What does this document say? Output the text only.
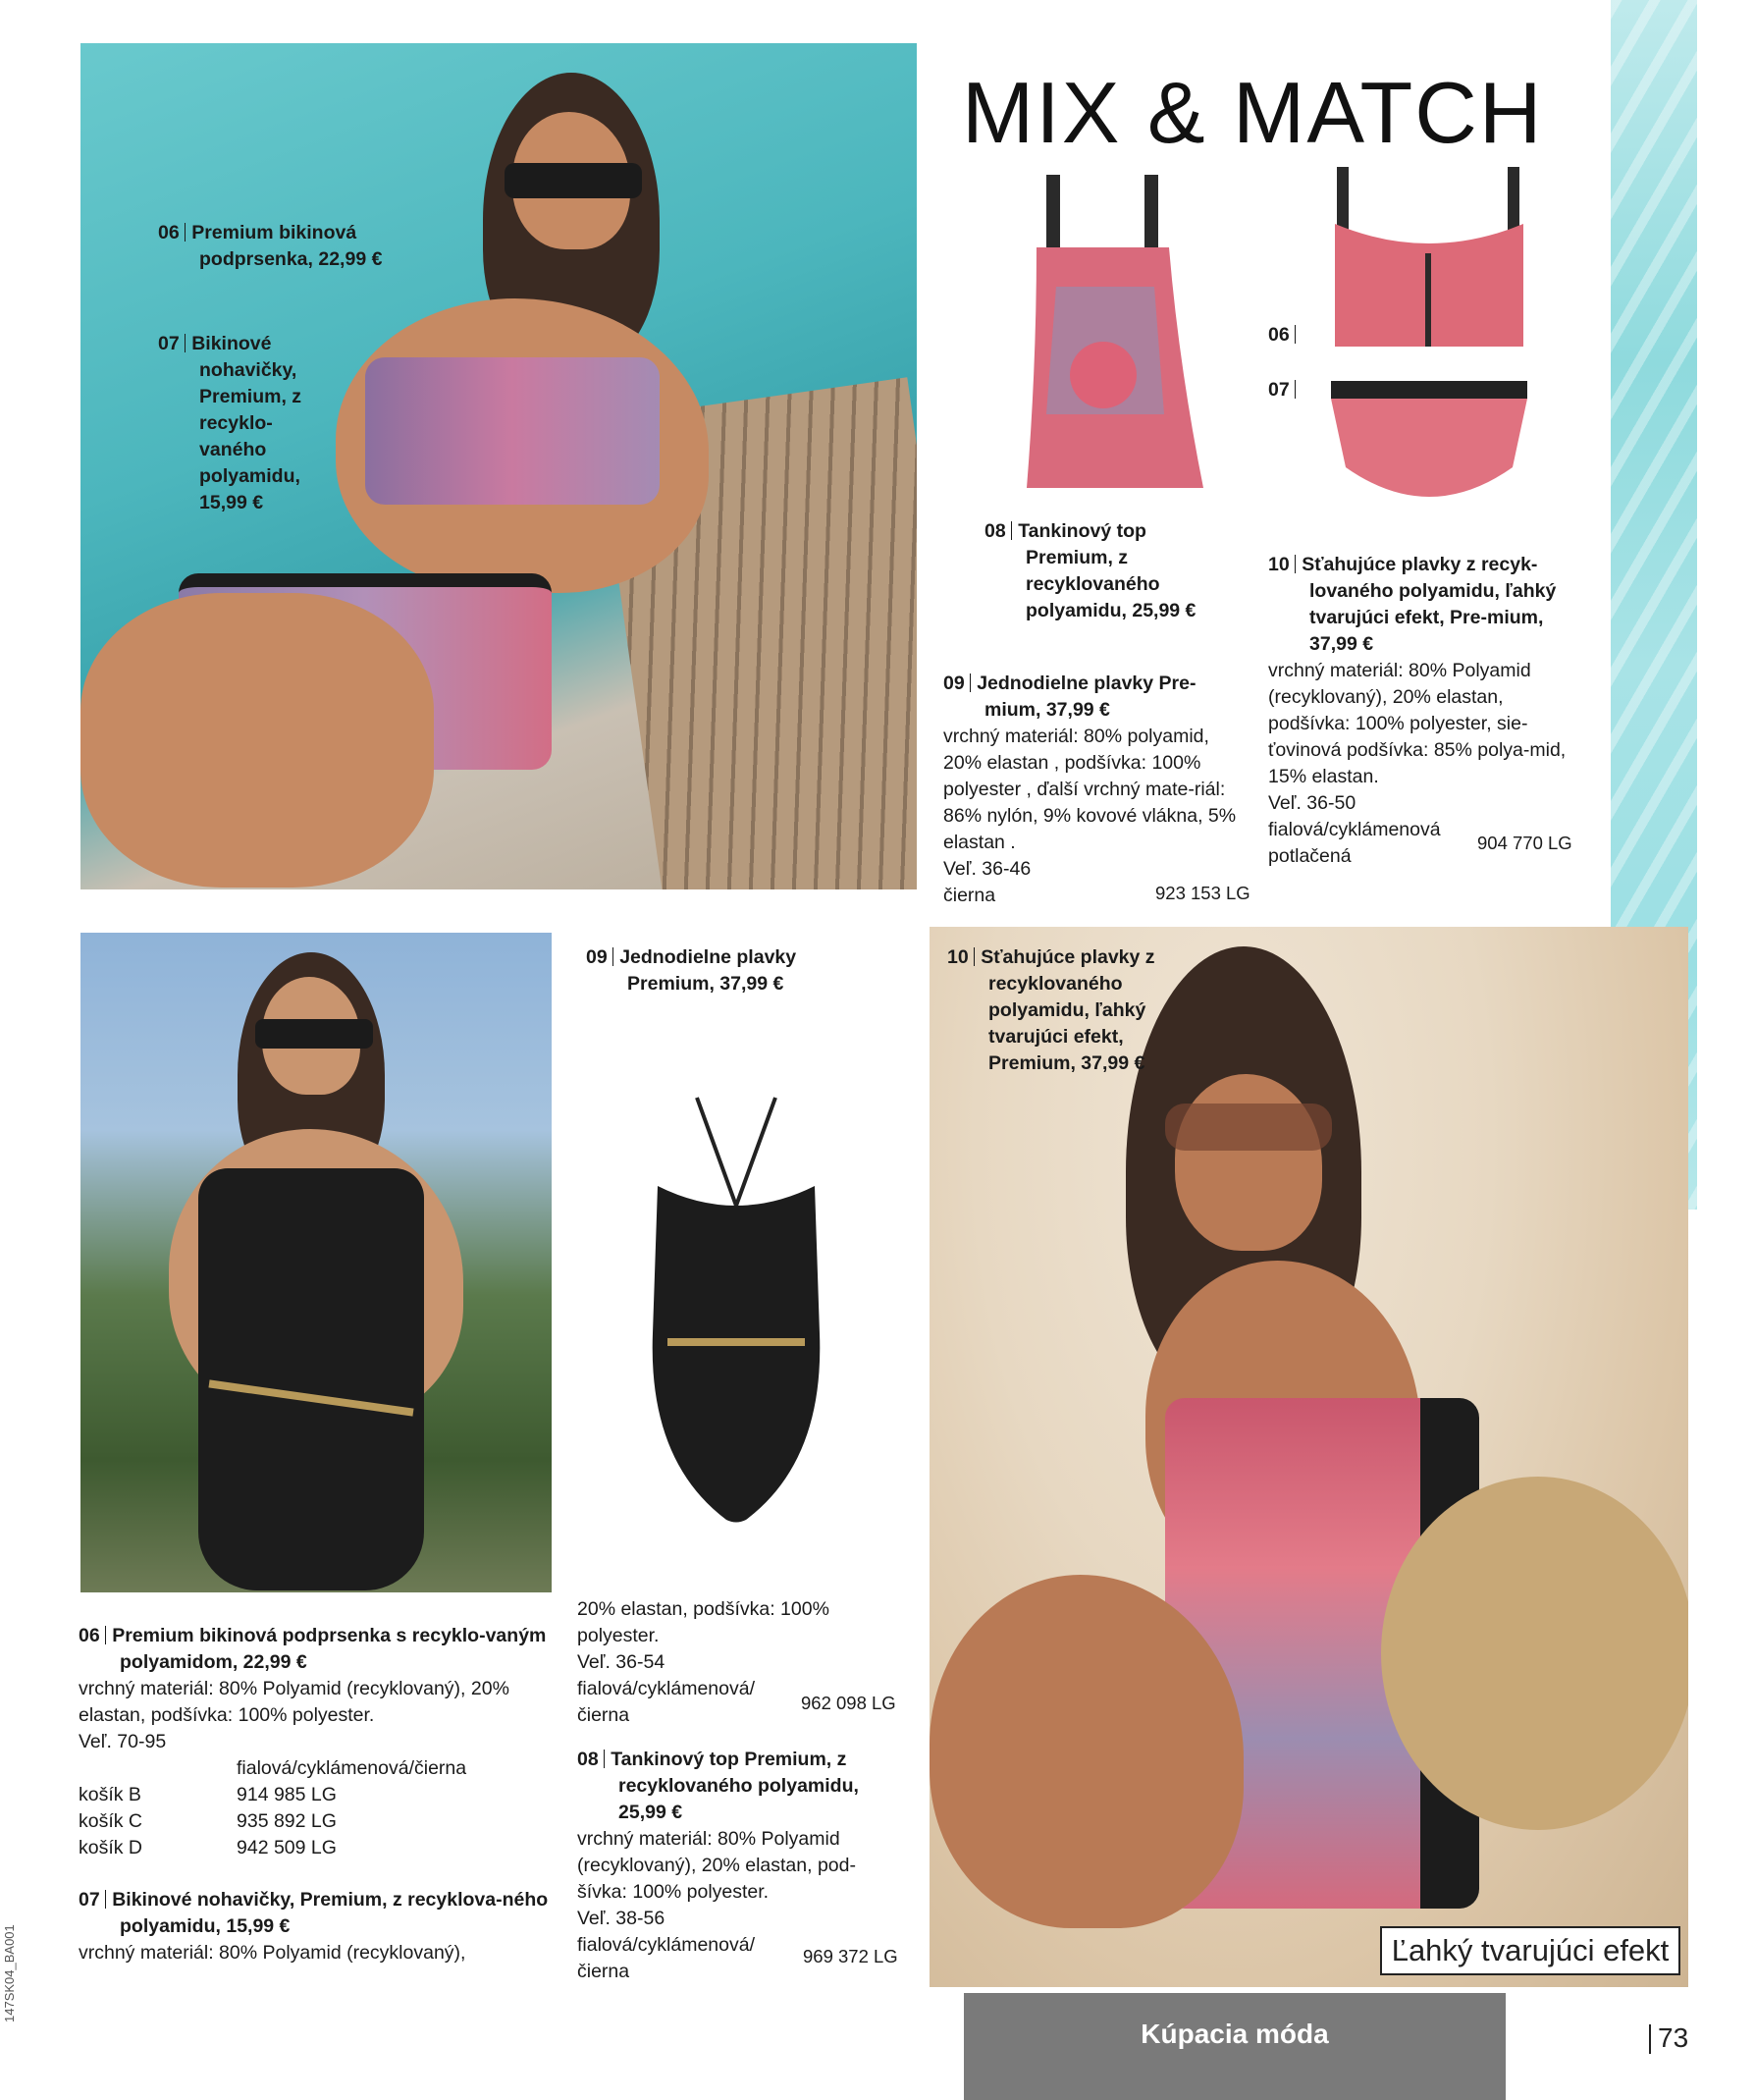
06 Premium bikinová podprsenka, 22,99 €
07 Bikinové nohavičky, Premium, z recyklo-vaného polyamidu, 15,99 €
MIX & MATCH
06
07
08 Tankinový top Premium, z recyklovaného polyamidu, 25,99 €
09 Jednodielne plavky Pre-mium, 37,99 €
vrchný materiál: 80% polyamid, 20% elastan , podšívka: 100% polyester , ďalší vrchný mate-riál: 86% nylón, 9% kovové vlákna, 5% elastan .
Veľ. 36-46
čierna	923 153 LG
10 Sťahujúce plavky z recyk-lovaného polyamidu, ľahký tvarujúci efekt, Pre-mium, 37,99 €
vrchný materiál: 80% Polyamid (recyklovaný), 20% elastan, podšívka: 100% polyester, sie-ťovinová podšívka: 85% polya-mid, 15% elastan.
Veľ. 36-50
fialová/cyklámenová potlačená
904 770 LG
09 Jednodielne plavky Premium, 37,99 €
10 Sťahujúce plavky z recyklovaného polyamidu, ľahký tvarujúci efekt, Premium, 37,99 €
Ľahký tvarujúci efekt
06 Premium bikinová podprsenka s recyklo-vaným polyamidom, 22,99 €
vrchný materiál: 80% Polyamid (recyklovaný), 20% elastan, podšívka: 100% polyester.
Veľ. 70-95
fialová/cyklámenová/čierna
košík B	914 985 LG
košík C	935 892 LG
košík D	942 509 LG
07 Bikinové nohavičky, Premium, z recyklova-ného polyamidu, 15,99 €
vrchný materiál: 80% Polyamid (recyklovaný),
20% elastan, podšívka: 100% polyester.
Veľ. 36-54
fialová/cyklámenová/ čierna
962 098 LG
08 Tankinový top Premium, z recyklovaného polyamidu, 25,99 €
vrchný materiál: 80% Polyamid (recyklovaný), 20% elastan, pod-šívka: 100% polyester.
Veľ. 38-56
fialová/cyklámenová/ čierna
969 372 LG
Kúpacia móda	73
147SK04_BA001
